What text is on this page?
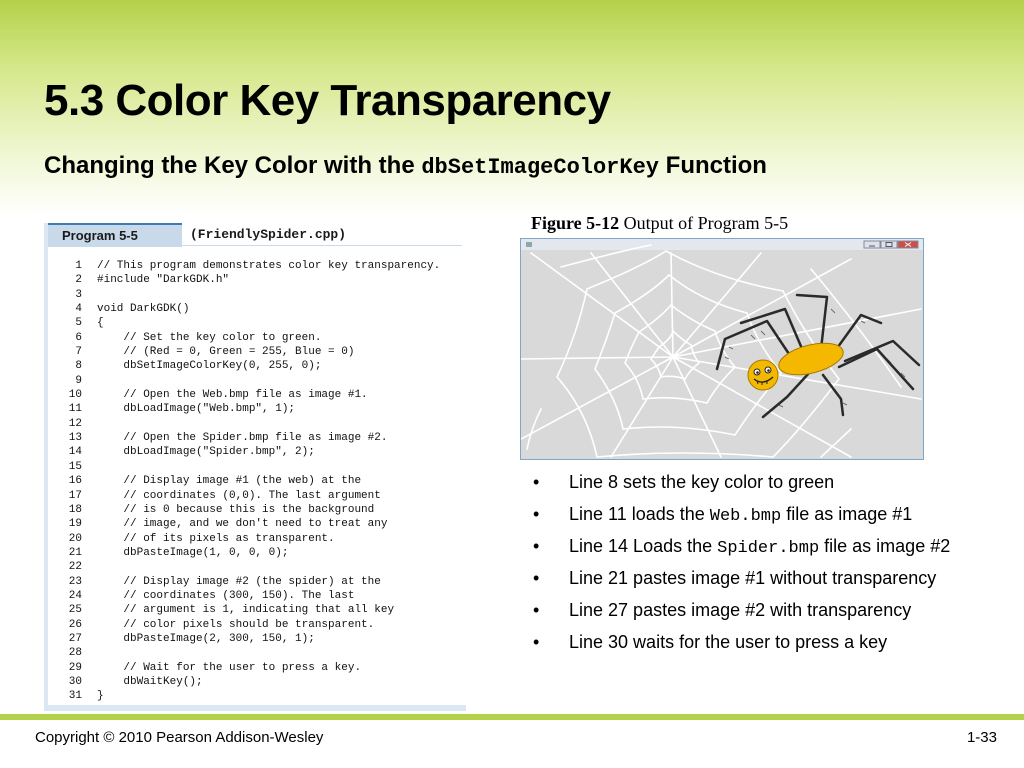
5.3 Color Key Transparency
Changing the Key Color with the dbSetImageColorKey Function
Program 5-5	(FriendlySpider.cpp)
1 // This program demonstrates color key transparency.
2 #include "DarkGDK.h"
3
4 void DarkGDK()
5 {
6    // Set the key color to green.
7    // (Red = 0, Green = 255, Blue = 0)
8    dbSetImageColorKey(0, 255, 0);
9
10    // Open the Web.bmp file as image #1.
11    dbLoadImage("Web.bmp", 1);
12
13    // Open the Spider.bmp file as image #2.
14    dbLoadImage("Spider.bmp", 2);
15
16    // Display image #1 (the web) at the
17    // coordinates (0,0). The last argument
18    // is 0 because this is the background
19    // image, and we don't need to treat any
20    // of its pixels as transparent.
21    dbPasteImage(1, 0, 0, 0);
22
23    // Display image #2 (the spider) at the
24    // coordinates (300, 150). The last
25    // argument is 1, indicating that all key
26    // color pixels should be transparent.
27    dbPasteImage(2, 300, 150, 1);
28
29    // Wait for the user to press a key.
30    dbWaitKey();
31 }
Figure 5-12 Output of Program 5-5
• Line 8 sets the key color to green
• Line 11 loads the Web.bmp file as image #1
• Line 14 Loads the Spider.bmp file as image #2
• Line 21 pastes image #1 without transparency
• Line 27 pastes image #2 with transparency
• Line 30 waits for the user to press a key
Copyright © 2010 Pearson Addison-Wesley	1-33
